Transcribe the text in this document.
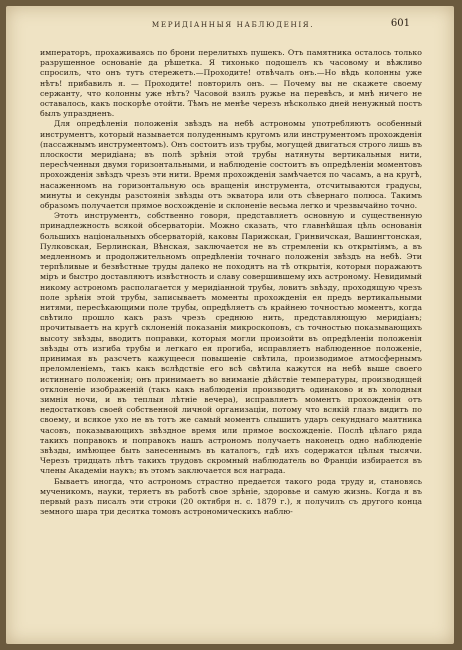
МЕРИДІАННЫЯ НАБЛЮДЕНІЯ.	601

императоръ, прохаживаясь по брони перелитыхъ пушекъ. Отъ памятника осталось только разрушенное основаніе да рѣшетка. Я тихонько подошелъ къ часовому и вѣжливо спросилъ, что онъ тутъ стережетъ.—Проходите! отвѣчалъ онъ.—Но вѣдь колонны уже нѣтъ! прибавилъ я. — Проходите! повторилъ онъ. — Почему вы не скажете своему сержанту, что колонны уже нѣтъ? Часовой взялъ ружье на перевѣсъ, и мнѣ ничего не оставалось, какъ поскорѣе отойти. Тѣмъ не менѣе черезъ нѣсколько дней ненужный постъ былъ упраздненъ.

Для опредѣленія положенія звѣздъ на небѣ астрономы употребляютъ особенный инструментъ, который называется полуденнымъ кругомъ или инструментомъ прохожденія (пассажнымъ инструментомъ). Онъ состоитъ изъ трубы, могущей двигаться строго лишь въ плоскости меридіана; въ полѣ зрѣнія этой трубы натянуты вертикальныя нити, пересѣченныя двумя горизонтальными, и наблюденіе состоитъ въ опредѣленіи моментовъ прохожденія звѣздъ чрезъ эти нити. Время прохожденія замѣчается по часамъ, а на кругѣ, насаженномъ на горизонтальную ось вращенія инструмента, отсчитываются градусы, минуты и секунды разстоянія звѣзды отъ экватора или отъ сѣвернаго полюса. Такимъ образомъ получается прямое восхожденіе и склоненіе весьма легко и чрезвычайно точно.

Этотъ инструментъ, собственно говоря, представляетъ основную и существенную принадлежность всякой обсерваторіи. Можно сказать, что главнѣйшая цѣль основанія большихъ національныхъ обсерваторій, каковы Парижская, Гринвичская, Вашингтонская, Пулковская, Берлинская, Вѣнская, заключается не въ стремленіи къ открытіямъ, а въ медленномъ и продолжительномъ опредѣленіи точнаго положенія звѣздъ на небѣ. Эти терпѣливые и безвѣстные труды далеко не походятъ на тѣ открытія, которыя поражаютъ міръ и быстро доставляютъ извѣстность и славу совершившему ихъ астроному. Невидимый никому астрономъ располагается у меридіанной трубы, ловитъ звѣзду, проходящую чрезъ поле зрѣнія этой трубы, записываетъ моменты прохожденія ея предъ вертикальными нитями, пересѣкающими поле трубы, опредѣляетъ съ крайнею точностью моментъ, когда свѣтило прошло какъ разъ чрезъ среднюю нить, представляющую меридіанъ; прочитываетъ на кругѣ склоненій показанія микроскоповъ, съ точностью показывающихъ высоту звѣзды, вводитъ поправки, которыя могли произойти въ опредѣленіи положенія звѣзды отъ изгиба трубы и легкаго ея прогиба, исправляетъ наблюденное положеніе, принимая въ разсчетъ кажущееся повышеніе свѣтила, производимое атмосфернымъ преломленіемъ, такъ какъ вслѣдствіе его всѣ свѣтила кажутся на небѣ выше своего истиннаго положенія; онъ принимаетъ во вниманіе дѣйствіе температуры, производящей отклоненіе изображеній (такъ какъ наблюденія производятъ одинаково и въ холодныя зимнія ночи, и въ теплыя лѣтніе вечера), исправляетъ моментъ прохожденія отъ недостатковъ своей собственной личной организаціи, потому что всякій глазъ видитъ по своему, и всякое ухо не въ тотъ же самый моментъ слышитъ ударъ секунднаго маятника часовъ, показывающихъ звѣздное время или прямое восхожденіе. Послѣ цѣлаго ряда такихъ поправокъ и поправокъ нашъ астрономъ получаетъ наконецъ одно наблюденіе звѣзды, имѣющее быть занесеннымъ въ каталогъ, гдѣ ихъ содержатся цѣлыя тысячи. Черезъ тридцать лѣтъ такихъ трудовъ скромный наблюдатель во Франціи избирается въ члены Академіи наукъ; въ этомъ заключается вся награда.

Бываетъ иногда, что астрономъ страстно предается такого рода труду и, становясь мученикомъ, науки, теряетъ въ работѣ свое зрѣніе, здоровье и самую жизнь. Когда я въ первый разъ писалъ эти строки (20 октября н. с. 1879 г.), я получилъ съ другого конца земного шара три десятка томовъ астрономическихъ наблю-
